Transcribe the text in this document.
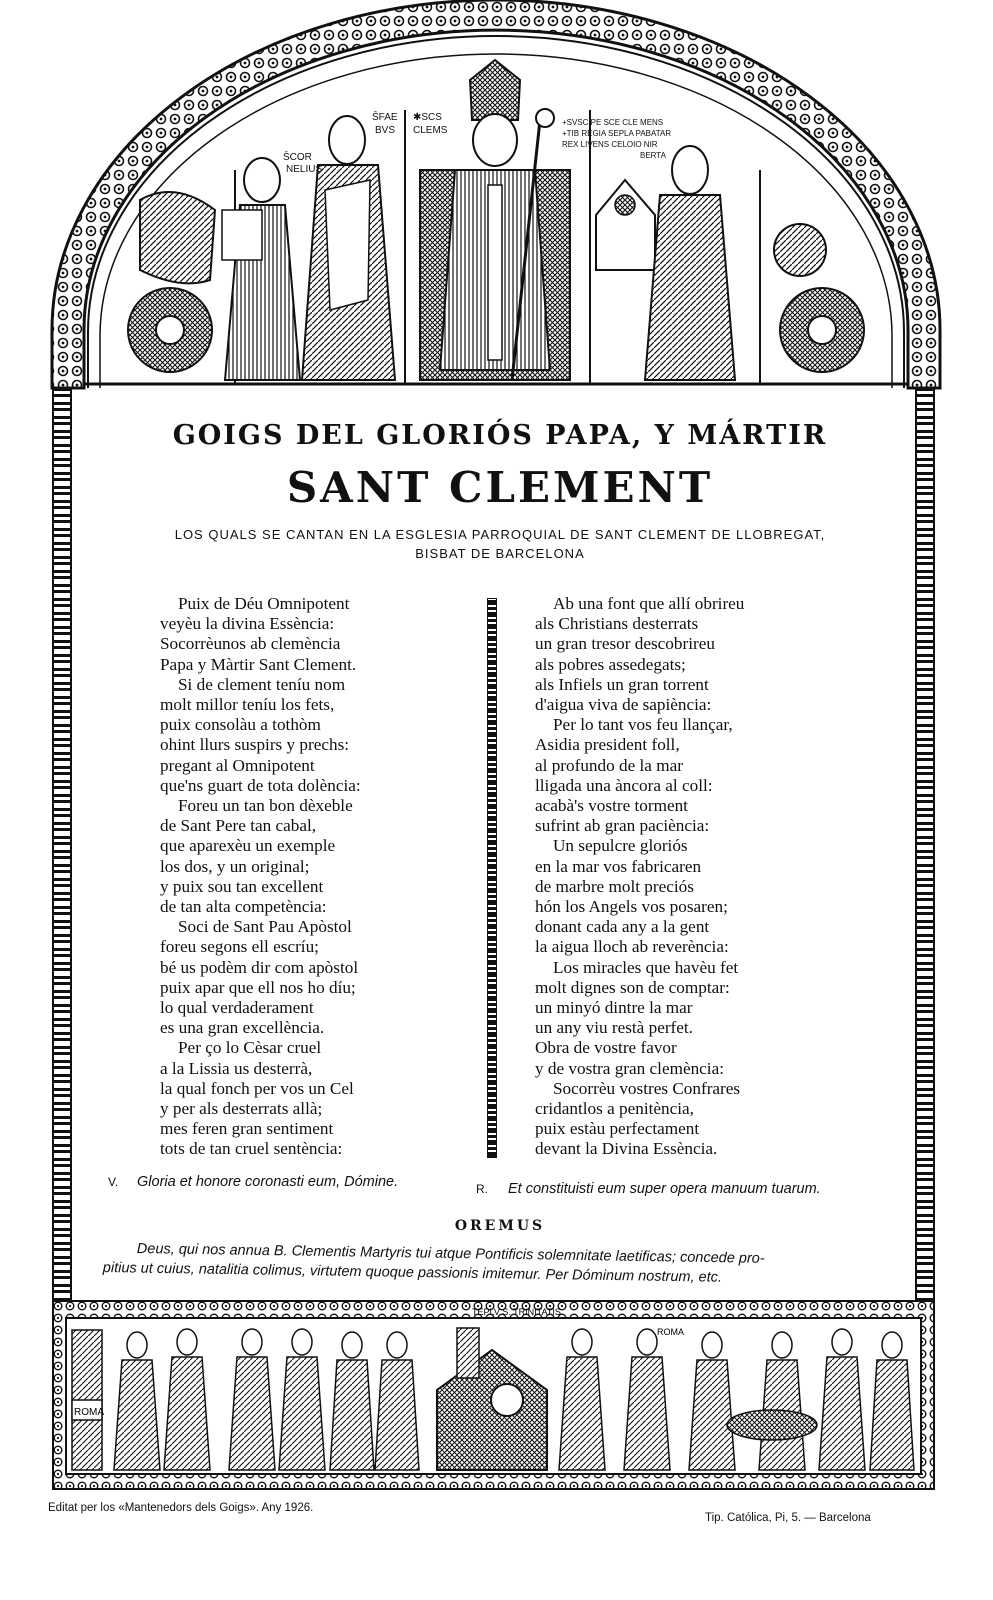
S̄COR
NELIUS
S̄FAE
BVS
✱SCS
CLEMS
+SVSCIPE SCE CLE MENS
+TIB REGIA SEPLA PABATAR
REX LIVENS CELOIO NIR
BERTA
GOIGS DEL GLORIÓS PAPA, Y MÁRTIR
SANT CLEMENT
LOS QUALS SE CANTAN EN LA ESGLESIA PARROQUIAL DE SANT CLEMENT DE LLOBREGAT,
BISBAT DE BARCELONA
Puix de Déu Omnipotent
veyèu la divina Essència:
Socorrèunos ab clemència
Papa y Màrtir Sant Clement.
Si de clement teníu nom
molt millor teníu los fets,
puix consolàu a tothòm
ohint llurs suspirs y prechs:
pregant al Omnipotent
que'ns guart de tota dolència:
Foreu un tan bon dèxeble
de Sant Pere tan cabal,
que aparexèu un exemple
los dos, y un original;
y puix sou tan excellent
de tan alta competència:
Soci de Sant Pau Apòstol
foreu segons ell escríu;
bé us podèm dir com apòstol
puix apar que ell nos ho díu;
lo qual verdaderament
es una gran excellència.
Per ço lo Cèsar cruel
a la Lissia us desterrà,
la qual fonch per vos un Cel
y per als desterrats allà;
mes feren gran sentiment
tots de tan cruel sentència:
Ab una font que allí obrireu
als Christians desterrats
un gran tresor descobrireu
als pobres assedegats;
als Infiels un gran torrent
d'aigua viva de sapiència:
Per lo tant vos feu llançar,
Asidia president foll,
al profundo de la mar
lligada una àncora al coll:
acabà's vostre torment
sufrint ab gran paciència:
Un sepulcre gloriós
en la mar vos fabricaren
de marbre molt preciós
hón los Angels vos posaren;
donant cada any a la gent
la aigua lloch ab reverència:
Los miracles que havèu fet
molt dignes son de comptar:
un minyó dintre la mar
un any viu restà perfet.
Obra de vostre favor
y de vostra gran clemència:
Socorrèu vostres Confrares
cridantlos a penitència,
puix estàu perfectament
devant la Divina Essència.
V. Gloria et honore coronasti eum, Dómine.	R. Et constituisti eum super opera manuum tuarum.
OREMUS
Deus, qui nos annua B. Clementis Martyris tui atque Pontificis solemnitate laetificas; concede pro-
pitius ut cuius, natalitia colimus, virtutem quoque passionis imitemur. Per Dóminum nostrum, etc.
ROMA
TEPLV S. TRINITATIS
ROMA
Editat per los «Mantenedors dels Goigs». Any 1926.
Tip. Católica, Pi, 5. — Barcelona
